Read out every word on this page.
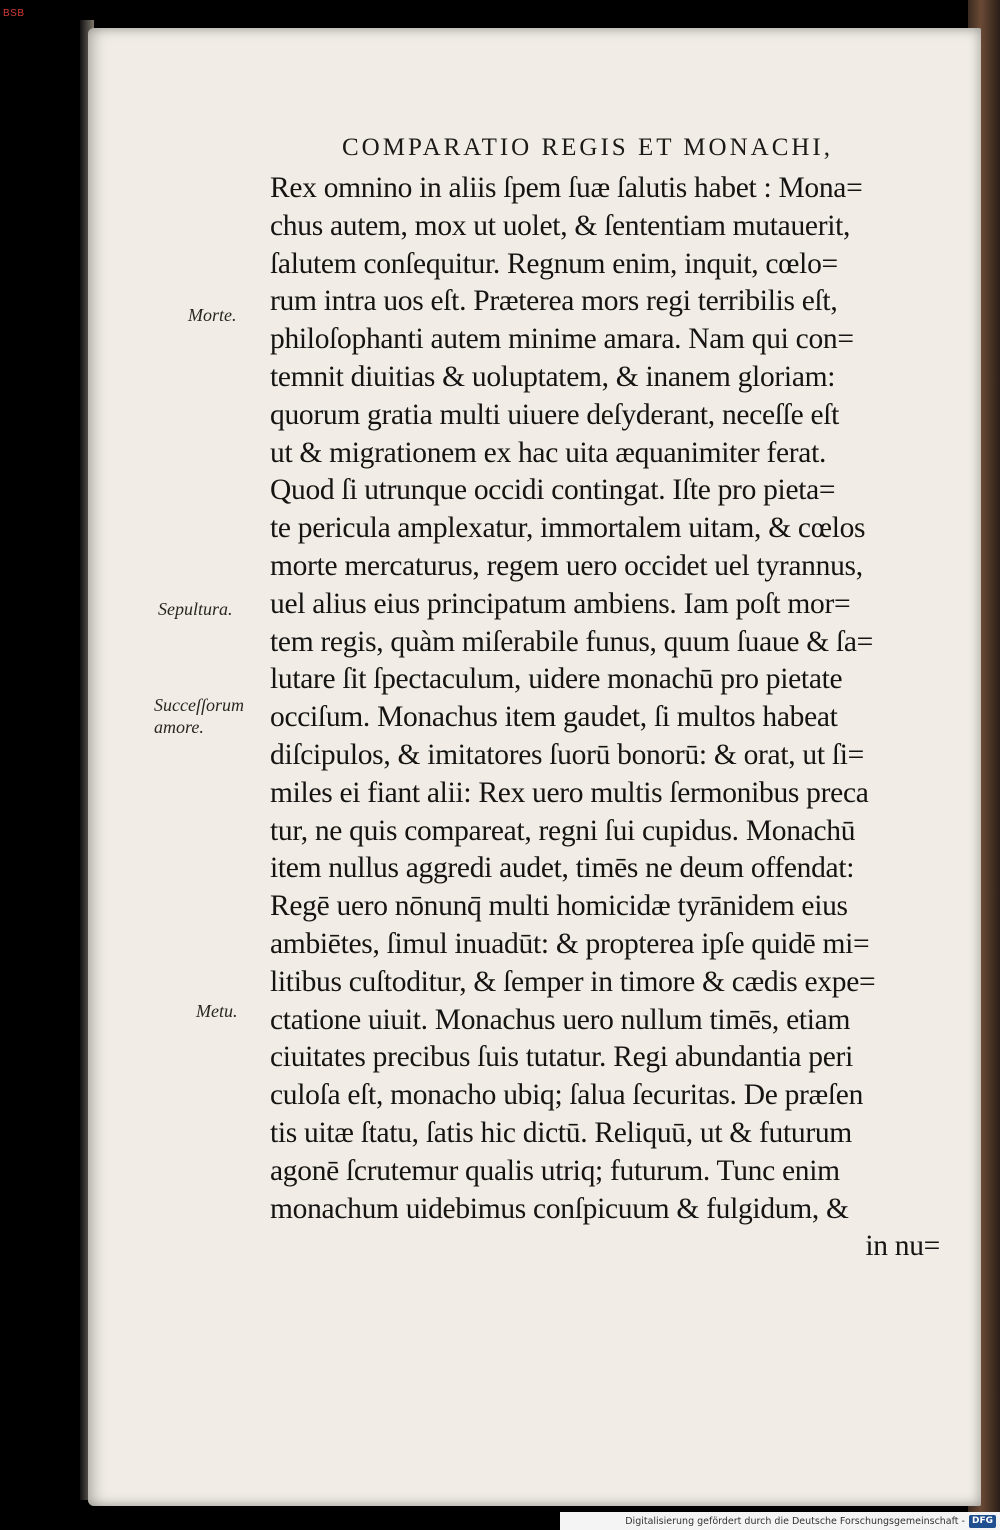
BSB
COMPARATIO REGIS ET MONACHI,
Morte.
Sepultura.
Succeſſorum
amore.
Metu.
Rex omnino in aliis ſpem ſuæ ſalutis habet : Mona=
chus autem, mox ut uolet, & ſententiam mutauerit,
ſalutem conſequitur. Regnum enim, inquit, cœlo=
rum intra uos eſt. Præterea mors regi terribilis eſt,
philoſophanti autem minime amara. Nam qui con=
temnit diuitias & uoluptatem, & inanem gloriam:
quorum gratia multi uiuere deſyderant, neceſſe eſt
ut & migrationem ex hac uita æquanimiter ferat.
Quod ſi utrunque occidi contingat. Iſte pro pieta=
te pericula amplexatur, immortalem uitam, & cœlos
morte mercaturus, regem uero occidet uel tyrannus,
uel alius eius principatum ambiens. Iam poſt mor=
tem regis, quàm miſerabile funus, quum ſuaue & ſa=
lutare ſit ſpectaculum, uidere monachū pro pietate
occiſum. Monachus item gaudet, ſi multos habeat
diſcipulos, & imitatores ſuorū bonorū: & orat, ut ſi=
miles ei fiant alii: Rex uero multis ſermonibus preca
tur, ne quis compareat, regni ſui cupidus. Monachū
item nullus aggredi audet, timēs ne deum offendat:
Regē uero nōnunq̄ multi homicidæ tyrānidem eius
ambiētes, ſimul inuadūt: & propterea ipſe quidē mi=
litibus cuſtoditur, & ſemper in timore & cædis expe=
ctatione uiuit. Monachus uero nullum timēs, etiam
ciuitates precibus ſuis tutatur. Regi abundantia peri
culoſa eſt, monacho ubiq; ſalua ſecuritas. De præſen
tis uitæ ſtatu, ſatis hic dictū. Reliquū, ut & futurum
agonē ſcrutemur qualis utriq; futurum. Tunc enim
monachum uidebimus conſpicuum & fulgidum, &
in nu=
Digitalisierung gefördert durch die Deutsche Forschungsgemeinschaft - DFG
